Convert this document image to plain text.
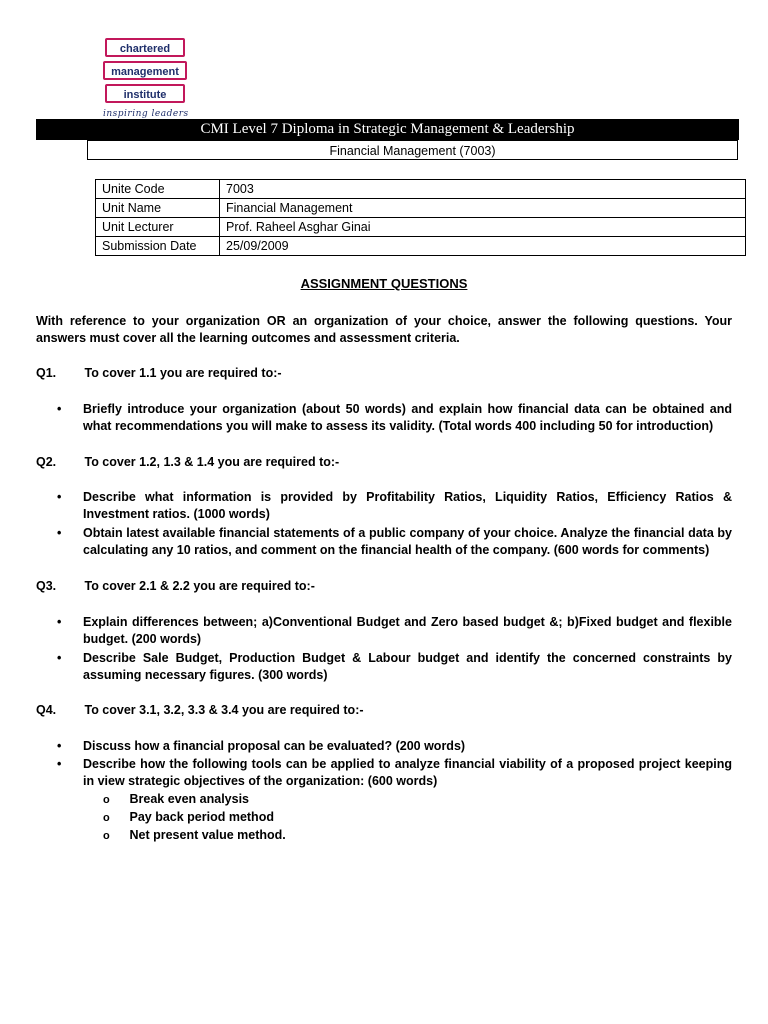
chartered
management
institute
inspiring leaders
CMI Level 7 Diploma in Strategic Management & Leadership
Financial Management (7003)
Unite Code	7003
Unit Name	Financial Management
Unit Lecturer	Prof. Raheel Asghar Ginai
Submission Date	25/09/2009
ASSIGNMENT QUESTIONS
With reference to your organization OR an organization of your choice, answer the following questions. Your answers must cover all the learning outcomes and assessment criteria.
Q1. To cover 1.1 you are required to:-
•	Briefly introduce your organization (about 50 words) and explain how financial data can be obtained and what recommendations you will make to assess its validity. (Total words 400 including 50 for introduction)
Q2. To cover 1.2, 1.3 & 1.4 you are required to:-
•	Describe what information is provided by Profitability Ratios, Liquidity Ratios, Efficiency Ratios & Investment ratios. (1000 words)
•	Obtain latest available financial statements of a public company of your choice. Analyze the financial data by calculating any 10 ratios, and comment on the financial health of the company. (600 words for comments)
Q3. To cover 2.1 & 2.2 you are required to:-
•	Explain differences between; a)Conventional Budget and Zero based budget &; b)Fixed budget and flexible budget. (200 words)
•	Describe Sale Budget, Production Budget & Labour budget and identify the concerned constraints by assuming necessary figures. (300 words)
Q4. To cover 3.1, 3.2, 3.3 & 3.4 you are required to:-
•	Discuss how a financial proposal can be evaluated? (200 words)
•	Describe how the following tools can be applied to analyze financial viability of a proposed project keeping in view strategic objectives of the organization: (600 words)
o Break even analysis
o Pay back period method
o Net present value method.
